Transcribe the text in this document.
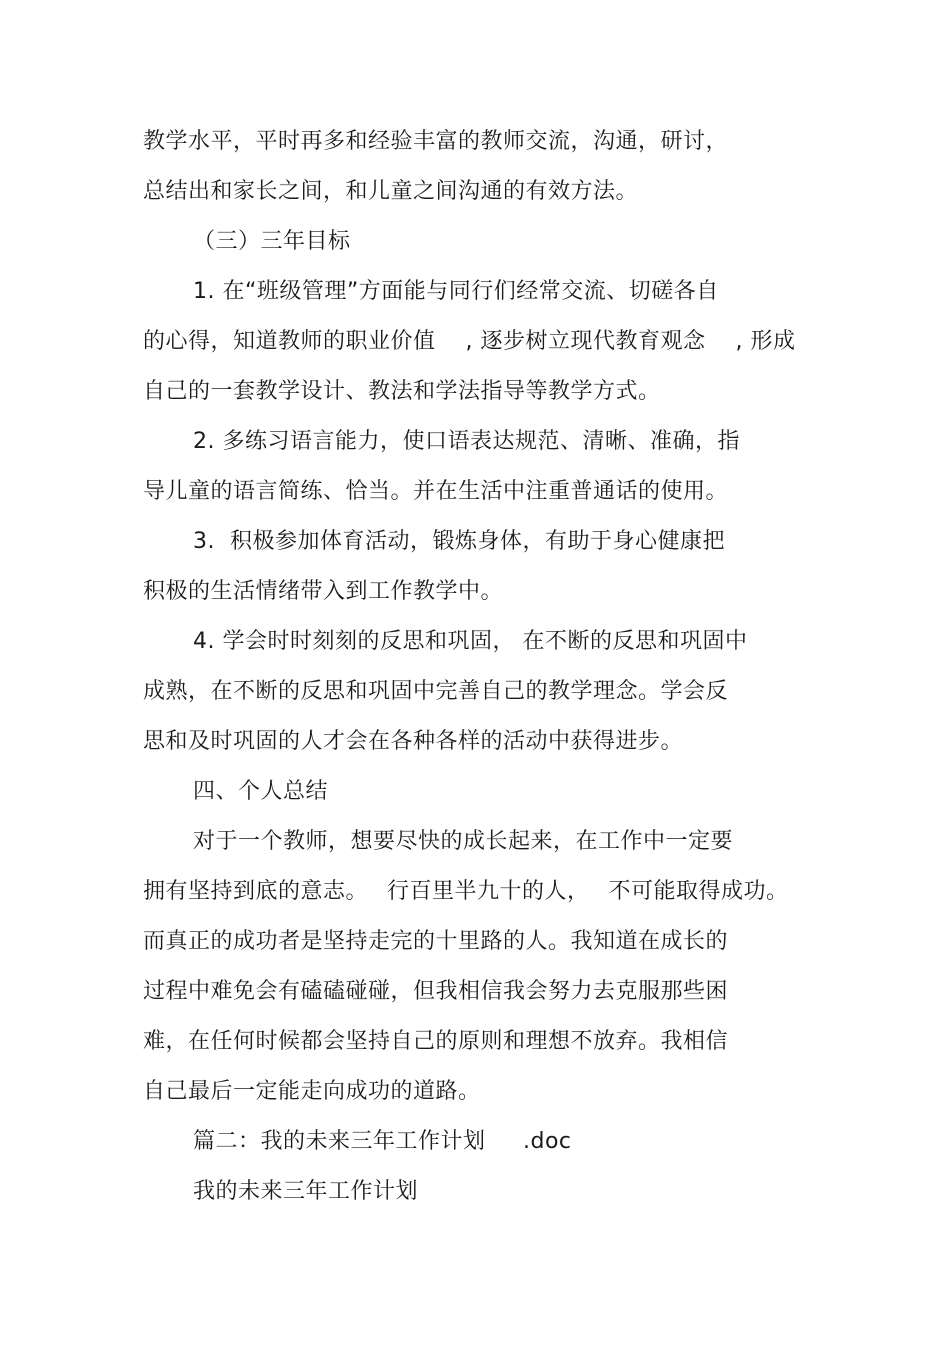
教学水平，平时再多和经验丰富的教师交流，沟通，研讨，
总结出和家长之间，和儿童之间沟通的有效方法。
（三）三年目标
1. 在“班级管理”方面能与同行们经常交流、切磋各自
的心得，知道教师的职业价值　 , 逐步树立现代教育观念　 , 形成
自己的一套教学设计、教法和学法指导等教学方式。
2. 多练习语言能力，使口语表达规范、清晰、准确，指
导儿童的语言简练、恰当。并在生活中注重普通话的使用。
3.  积极参加体育活动，锻炼身体，有助于身心健康把
积极的生活情绪带入到工作教学中。
4. 学会时时刻刻的反思和巩固， 在不断的反思和巩固中
成熟，在不断的反思和巩固中完善自己的教学理念。学会反
思和及时巩固的人才会在各种各样的活动中获得进步。
四、个人总结
对于一个教师，想要尽快的成长起来，在工作中一定要
拥有坚持到底的意志。　 行百里半九十的人，　 不可能取得成功。
而真正的成功者是坚持走完的十里路的人。我知道在成长的
过程中难免会有磕磕碰碰，但我相信我会努力去克服那些困
难，在任何时候都会坚持自己的原则和理想不放弃。我相信
自己最后一定能走向成功的道路。
篇二：我的未来三年工作计划　  .doc
我的未来三年工作计划
